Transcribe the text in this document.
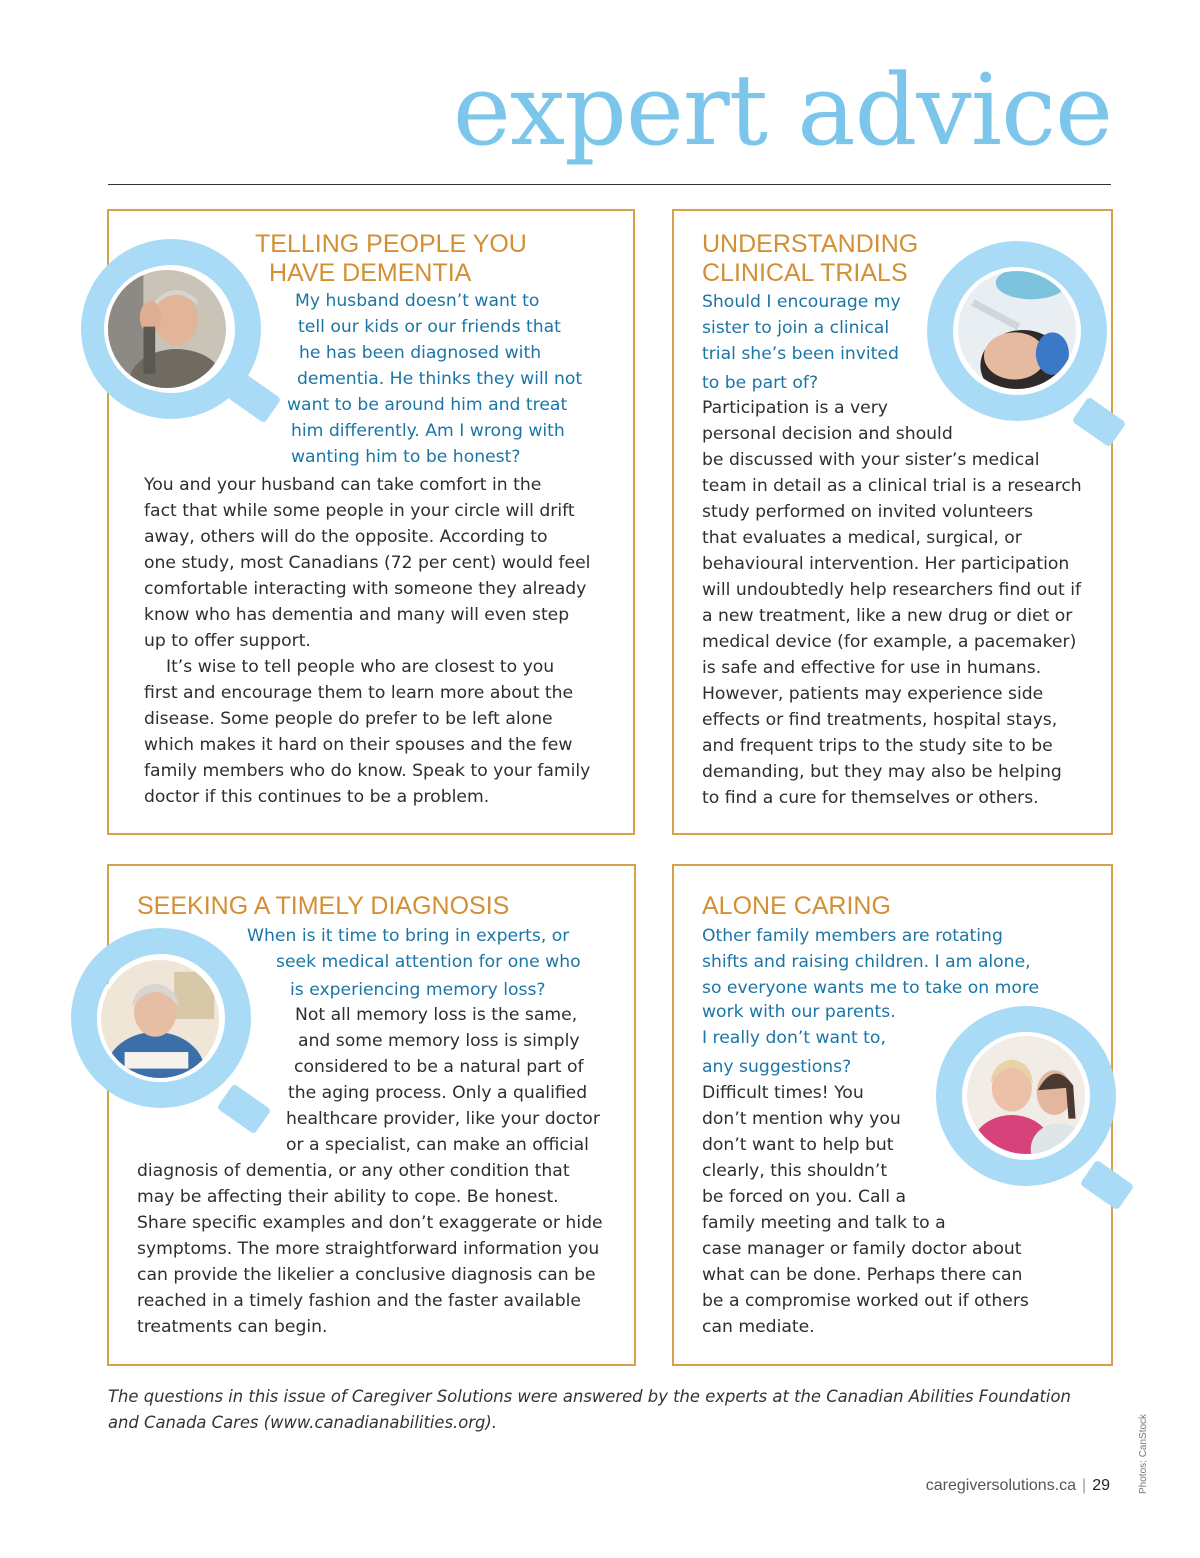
expert advice
TELLING PEOPLE YOU
HAVE DEMENTIA
My husband doesn’t want to
tell our kids or our friends that
he has been diagnosed with
dementia. He thinks they will not
want to be around him and treat
him differently. Am I wrong with
wanting him to be honest?

You and your husband can take comfort in the
fact that while some people in your circle will drift
away, others will do the opposite. According to
one study, most Canadians (72 per cent) would feel
comfortable interacting with someone they already
know who has dementia and many will even step
up to offer support.

It’s wise to tell people who are closest to you
first and encourage them to learn more about the
disease. Some people do prefer to be left alone
which makes it hard on their spouses and the few
family members who do know. Speak to your family
doctor if this continues to be a problem.

UNDERSTANDING
CLINICAL TRIALS
Should I encourage my
sister to join a clinical
trial she’s been invited
to be part of?
Participation is a very
personal decision and should
be discussed with your sister’s medical
team in detail as a clinical trial is a research
study performed on invited volunteers
that evaluates a medical, surgical, or
behavioural intervention. Her participation
will undoubtedly help researchers find out if
a new treatment, like a new drug or diet or
medical device (for example, a pacemaker)
is safe and effective for use in humans.
However, patients may experience side
effects or find treatments, hospital stays,
and frequent trips to the study site to be
demanding, but they may also be helping
to find a cure for themselves or others.
SEEKING A TIMELY DIAGNOSIS
When is it time to bring in experts, or
seek medical attention for one who
is experiencing memory loss?
Not all memory loss is the same,
and some memory loss is simply
considered to be a natural part of
the aging process. Only a qualified
healthcare provider, like your doctor
or a specialist, can make an official
diagnosis of dementia, or any other condition that
may be affecting their ability to cope. Be honest.
Share specific examples and don’t exaggerate or hide
symptoms. The more straightforward information you
can provide the likelier a conclusive diagnosis can be
reached in a timely fashion and the faster available
treatments can begin.
ALONE CARING
Other family members are rotating
shifts and raising children. I am alone,
so everyone wants me to take on more
work with our parents.
I really don’t want to,
any suggestions?
Difficult times! You
don’t mention why you
don’t want to help but
clearly, this shouldn’t
be forced on you. Call a
family meeting and talk to a
case manager or family doctor about
what can be done. Perhaps there can
be a compromise worked out if others
can mediate.
The questions in this issue of Caregiver Solutions were answered by the experts at the Canadian Abilities Foundation
and Canada Cares (www.canadianabilities.org).	Photos: CanStock
caregiversolutions.ca | 29
